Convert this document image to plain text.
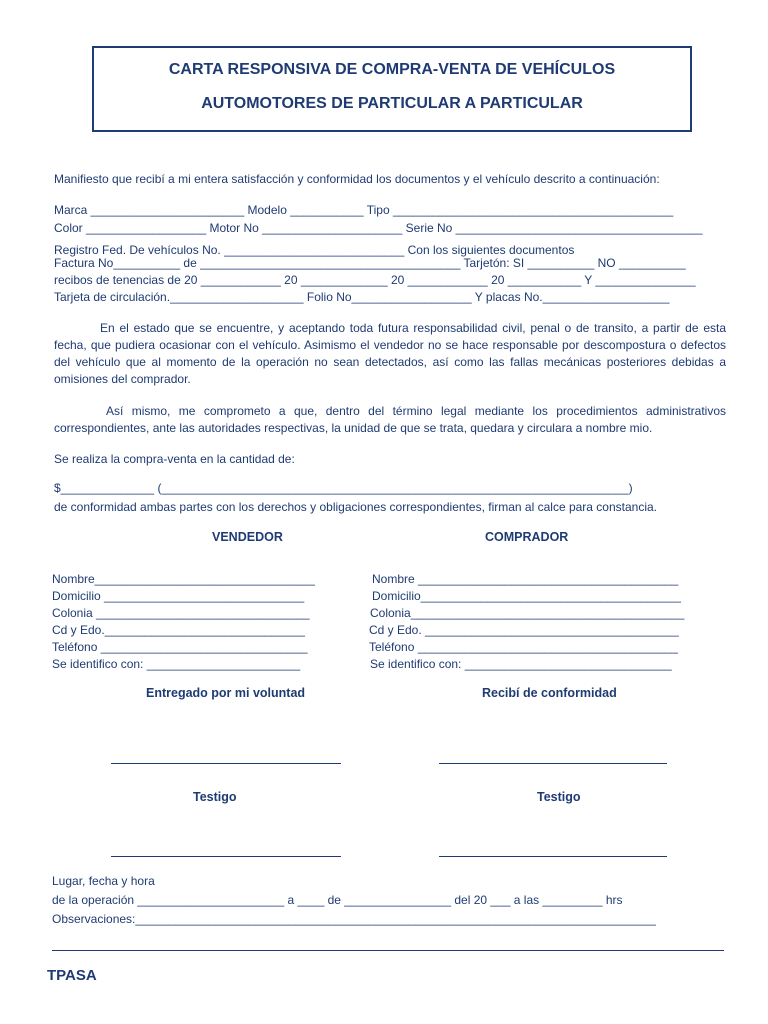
CARTA RESPONSIVA DE COMPRA-VENTA DE VEHÍCULOS
AUTOMOTORES DE PARTICULAR A PARTICULAR
Manifiesto que recibí a mi entera satisfacción y conformidad los documentos y el vehículo descrito a continuación:
Marca _______________________ Modelo ___________ Tipo __________________________________________
Color __________________ Motor No _____________________ Serie No _____________________________________
Registro Fed. De vehículos No. ___________________________ Con los siguientes documentos
Factura No__________ de _______________________________________ Tarjetón: SI __________ NO __________
recibos de tenencias de 20 ____________ 20 _____________ 20 ____________ 20 ___________ Y _______________
Tarjeta de circulación.____________________ Folio No__________________ Y placas No.___________________
En el estado que se encuentre, y aceptando toda futura responsabilidad civil, penal o de transito, a partir de esta fecha, que pudiera ocasionar con el vehículo. Asimismo el vendedor no se hace responsable por descompostura o defectos del vehículo que al momento de la operación no sean detectados, así como las fallas mecánicas posteriores debidas a omisiones del comprador.
Así mismo, me comprometo a que, dentro del término legal mediante los procedimientos administrativos correspondientes, ante las autoridades respectivas, la unidad de que se trata, quedara y circulara a nombre mio.
Se realiza la compra-venta en la cantidad de:
$______________ (______________________________________________________________________)
de conformidad ambas partes con los derechos y obligaciones correspondientes, firman al calce para constancia.
VENDEDOR	COMPRADOR
Nombre_________________________________
Domicilio ______________________________
Colonia ________________________________
Cd y Edo.______________________________
Teléfono _______________________________
Se identifico con: _______________________
Nombre _______________________________________
Domicilio_______________________________________
Colonia_________________________________________
Cd y Edo. ______________________________________
Teléfono _______________________________________
Se identifico con: _______________________________
Entregado por mi voluntad	Recibí de conformidad
Testigo	Testigo
Lugar, fecha y hora
de la operación ______________________ a ____ de ________________ del 20 ___ a las _________ hrs
Observaciones:______________________________________________________________________________
TPASA
